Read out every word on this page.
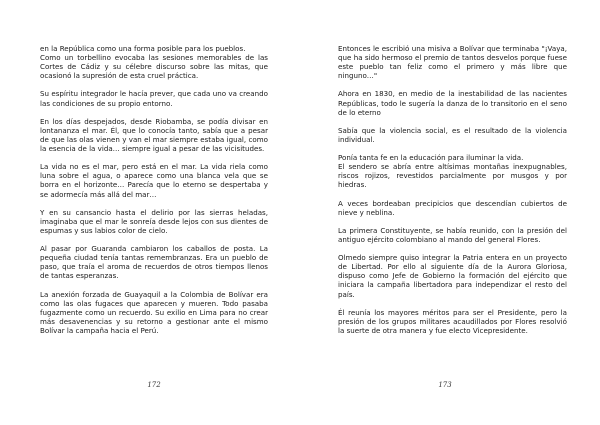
en la República como una forma posible para los pueblos.

Como un torbellino evocaba las sesiones memorables de las Cortes de Cádiz y su célebre discurso sobre las mitas, que ocasionó la supresión de esta cruel práctica.

Su espíritu integrador le hacía prever, que cada uno va creando las condiciones de su propio entorno.

En los días despejados, desde Riobamba, se podía divisar en lontananza el mar. Él, que lo conocía tanto, sabía que a pesar de que las olas vienen y van el mar siempre estaba igual, como la esencia de la vida… siempre igual a pesar de las vicisitudes.

La vida no es el mar, pero está en el mar. La vida riela como luna sobre el agua, o aparece como una blanca vela que se borra en el horizonte… Parecía que lo eterno se despertaba y se adormecía más allá del mar…

Y en su cansancio hasta el delirio por las sierras heladas, imaginaba que el mar le sonreía desde lejos con sus dientes de espumas y sus labios color de cielo.

Al pasar por Guaranda cambiaron los caballos de posta. La pequeña ciudad tenía tantas remembranzas. Era un pueblo de paso, que traía el aroma de recuerdos de otros tiempos llenos de tantas esperanzas.

La anexión forzada de Guayaquil a la Colombia de Bolívar era como las olas fugaces que aparecen y mueren. Todo pasaba fugazmente como un recuerdo. Su exilio en Lima para no crear más desavenencias y su retorno a gestionar ante el mismo Bolívar la campaña hacia el Perú.

172

Entonces le escribió una misiva a Bolívar que terminaba "¡Vaya, que ha sido hermoso el premio de tantos desvelos porque fuese este pueblo tan feliz como el primero y más libre que ninguno…"

Ahora en 1830, en medio de la inestabilidad de las nacientes Repúblicas, todo le sugería la danza de lo transitorio en el seno de lo eterno

Sabía que la violencia social, es el resultado de la violencia individual.

Ponía tanta fe en la educación para iluminar la vida.

El sendero se abría entre altísimas montañas inexpugnables, riscos rojizos, revestidos parcialmente por musgos y por hiedras.

A veces bordeaban precipicios que descendían cubiertos de nieve y neblina.

La primera Constituyente, se había reunido, con la presión del antiguo ejército colombiano al mando del general Flores.

Olmedo siempre quiso integrar la Patria entera en un proyecto de Libertad. Por ello al siguiente día de la Aurora Gloriosa, dispuso como Jefe de Gobierno la formación del ejército que iniciara la campaña libertadora para independizar el resto del país.

Él reunía los mayores méritos para ser el Presidente, pero la presión de los grupos militares acaudillados por Flores resolvió la suerte de otra manera y fue electo Vicepresidente.

173
